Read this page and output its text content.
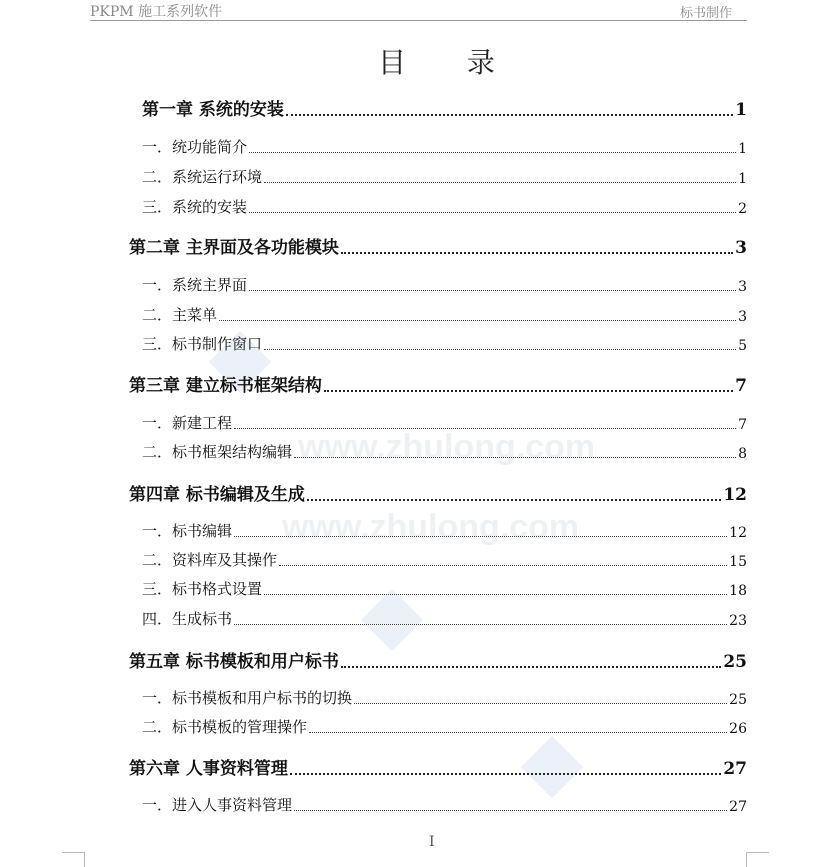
PKPM 施工系列软件	标书制作
www.zhulong.com
www.zhulong.com
目 录
第一章 系统的安装	1
一．统功能简介	1
二．系统运行环境	1
三．系统的安装	2
第二章 主界面及各功能模块	3
一．系统主界面	3
二．主菜单	3
三．标书制作窗口	5
第三章 建立标书框架结构	7
一．新建工程	7
二．标书框架结构编辑	8
第四章 标书编辑及生成	12
一．标书编辑	12
二．资料库及其操作	15
三．标书格式设置	18
四．生成标书	23
第五章 标书模板和用户标书	25
一．标书模板和用户标书的切换	25
二．标书模板的管理操作	26
第六章 人事资料管理	27
一．进入人事资料管理	27
I
